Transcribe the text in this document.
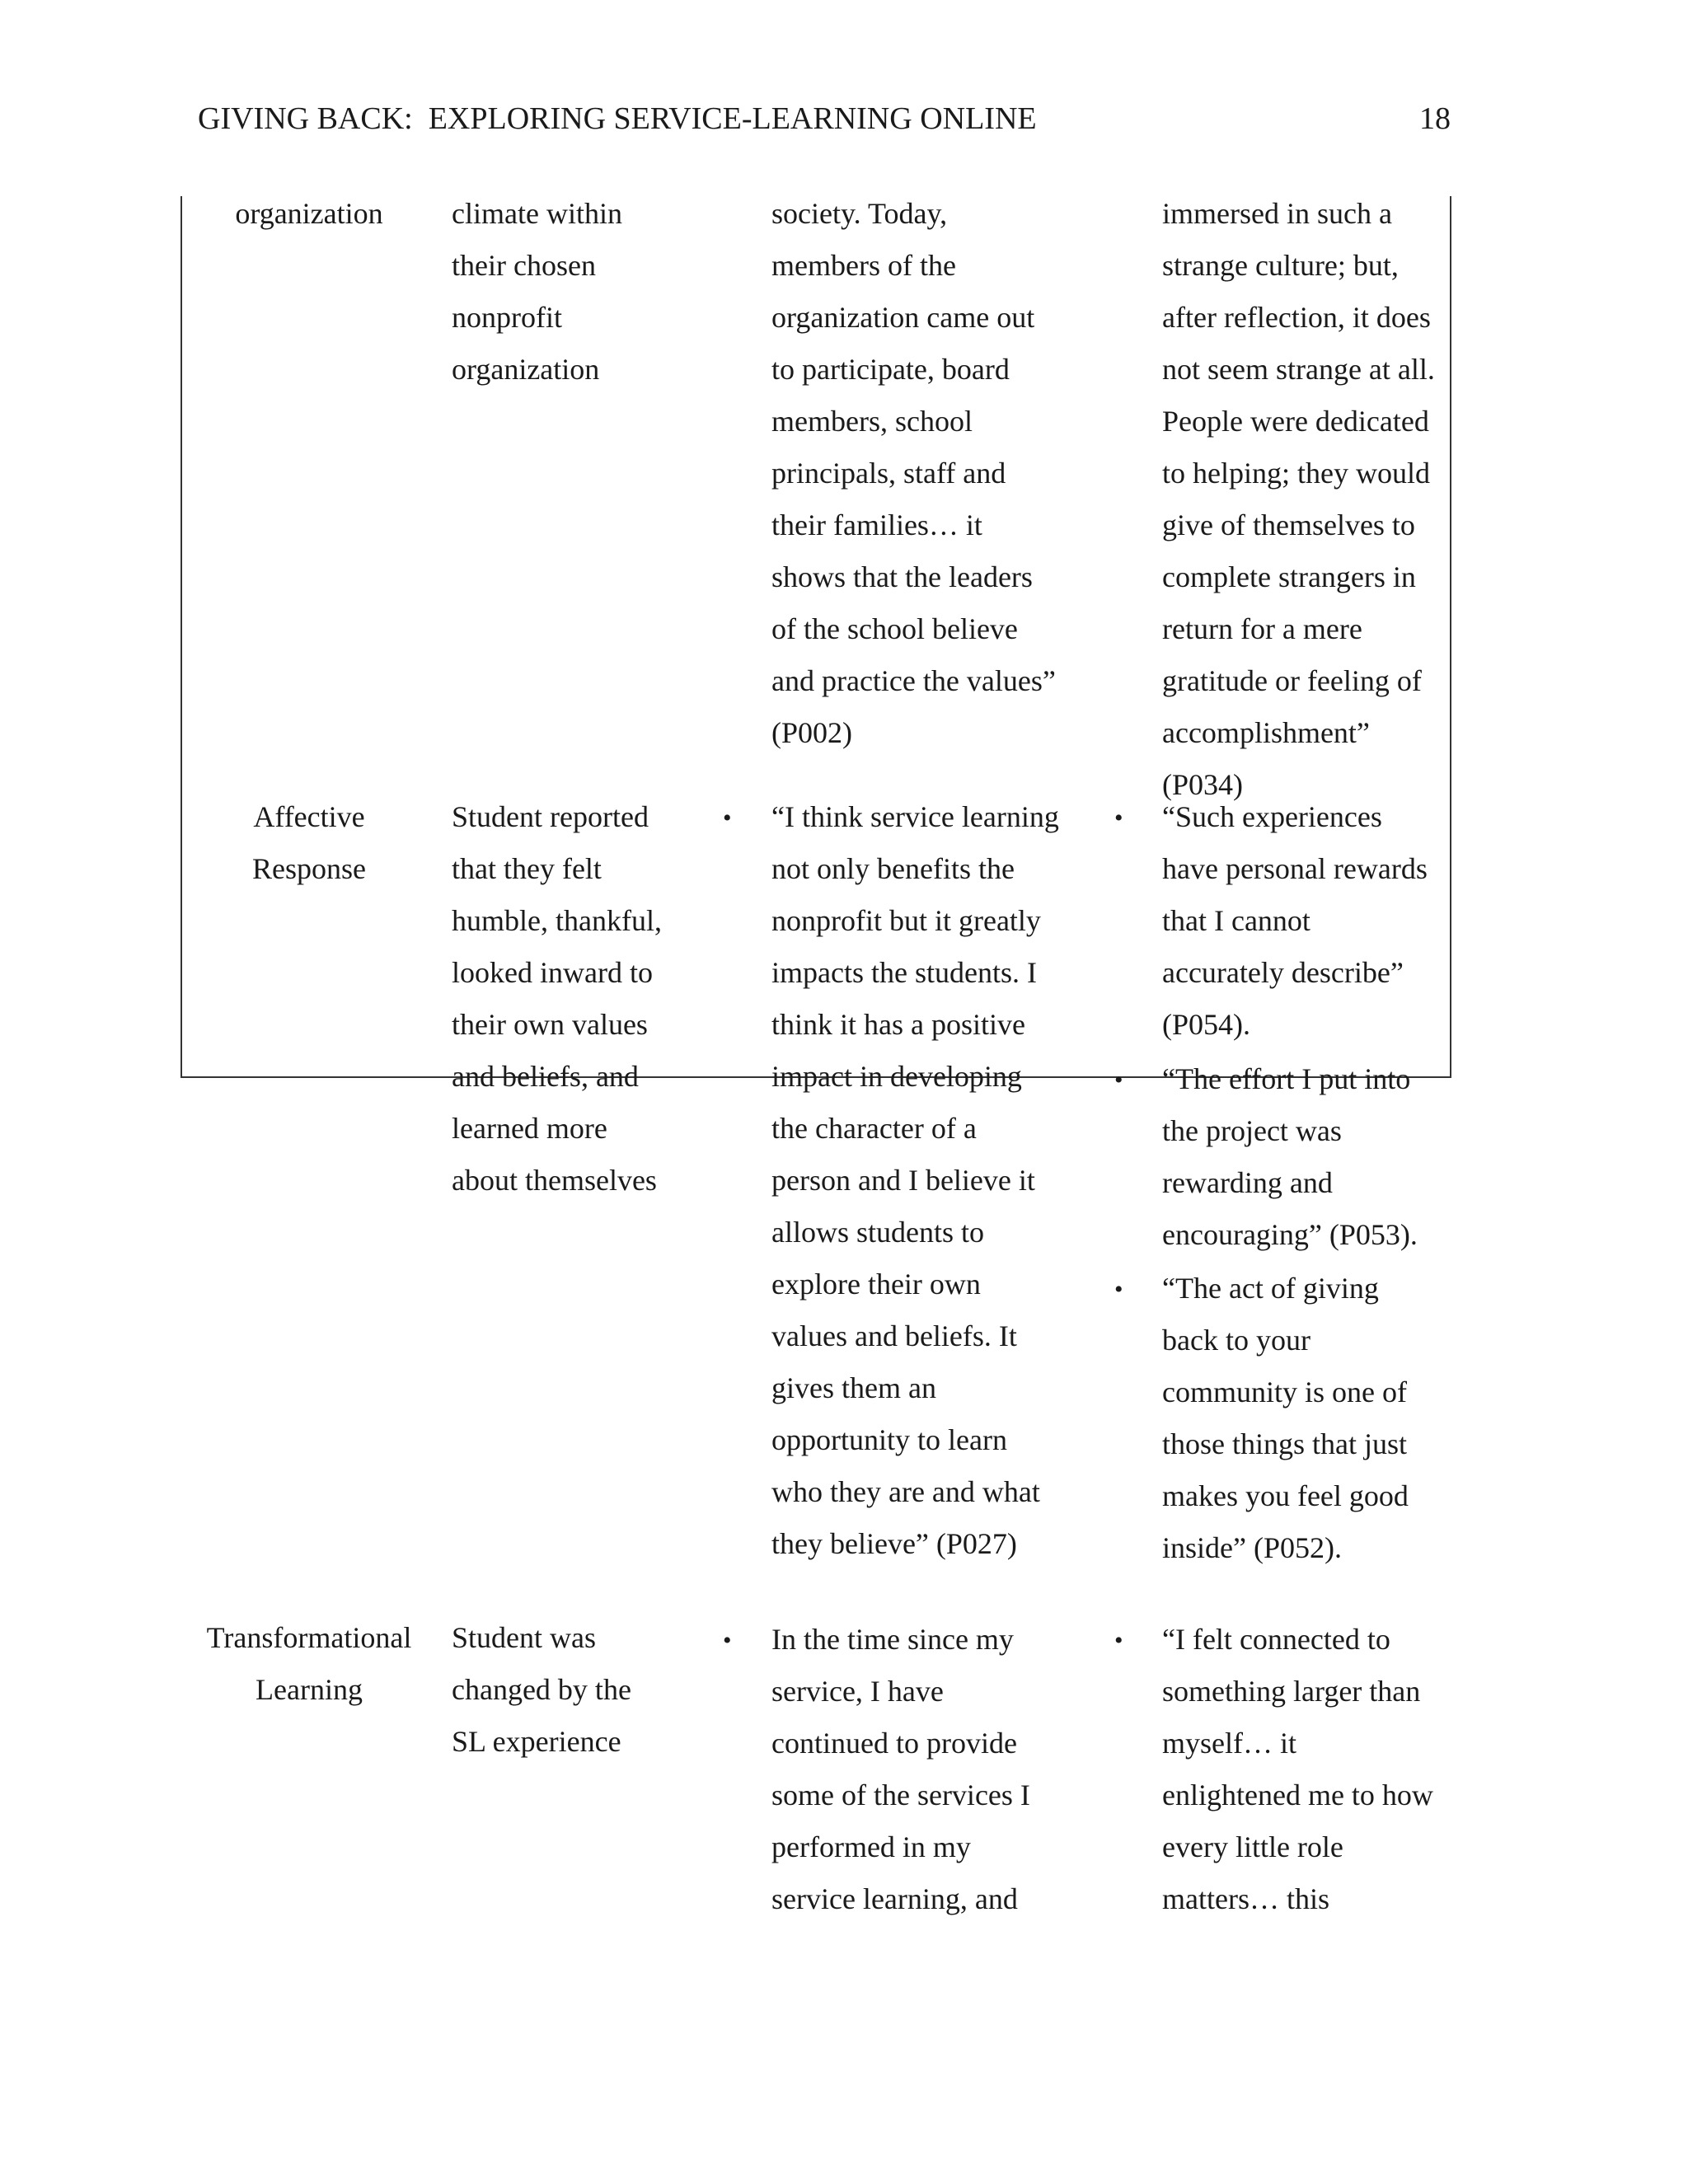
GIVING BACK:  EXPLORING SERVICE-LEARNING ONLINE	18
organization	climate within
their chosen
nonprofit
organization
society. Today,
members of the
organization came out
to participate, board
members, school
principals, staff and
their families… it
shows that the leaders
of the school believe
and practice the values”
(P002)
immersed in such a
strange culture; but,
after reflection, it does
not seem strange at all.
People were dedicated
to helping; they would
give of themselves to
complete strangers in
return for a mere
gratitude or feeling of
accomplishment”
(P034)
Affective
Response
Student reported
that they felt
humble, thankful,
looked inward to
their own values
and beliefs, and
learned more
about themselves
• “I think service learning
not only benefits the
nonprofit but it greatly
impacts the students. I
think it has a positive
impact in developing
the character of a
person and I believe it
allows students to
explore their own
values and beliefs. It
gives them an
opportunity to learn
who they are and what
they believe” (P027)
• “Such experiences
have personal rewards
that I cannot
accurately describe”
(P054).
• “The effort I put into
the project was
rewarding and
encouraging” (P053).
• “The act of giving
back to your
community is one of
those things that just
makes you feel good
inside” (P052).
Transformational
Learning
Student was
changed by the
SL experience
• In the time since my
service, I have
continued to provide
some of the services I
performed in my
service learning, and
• “I felt connected to
something larger than
myself… it
enlightened me to how
every little role
matters… this
